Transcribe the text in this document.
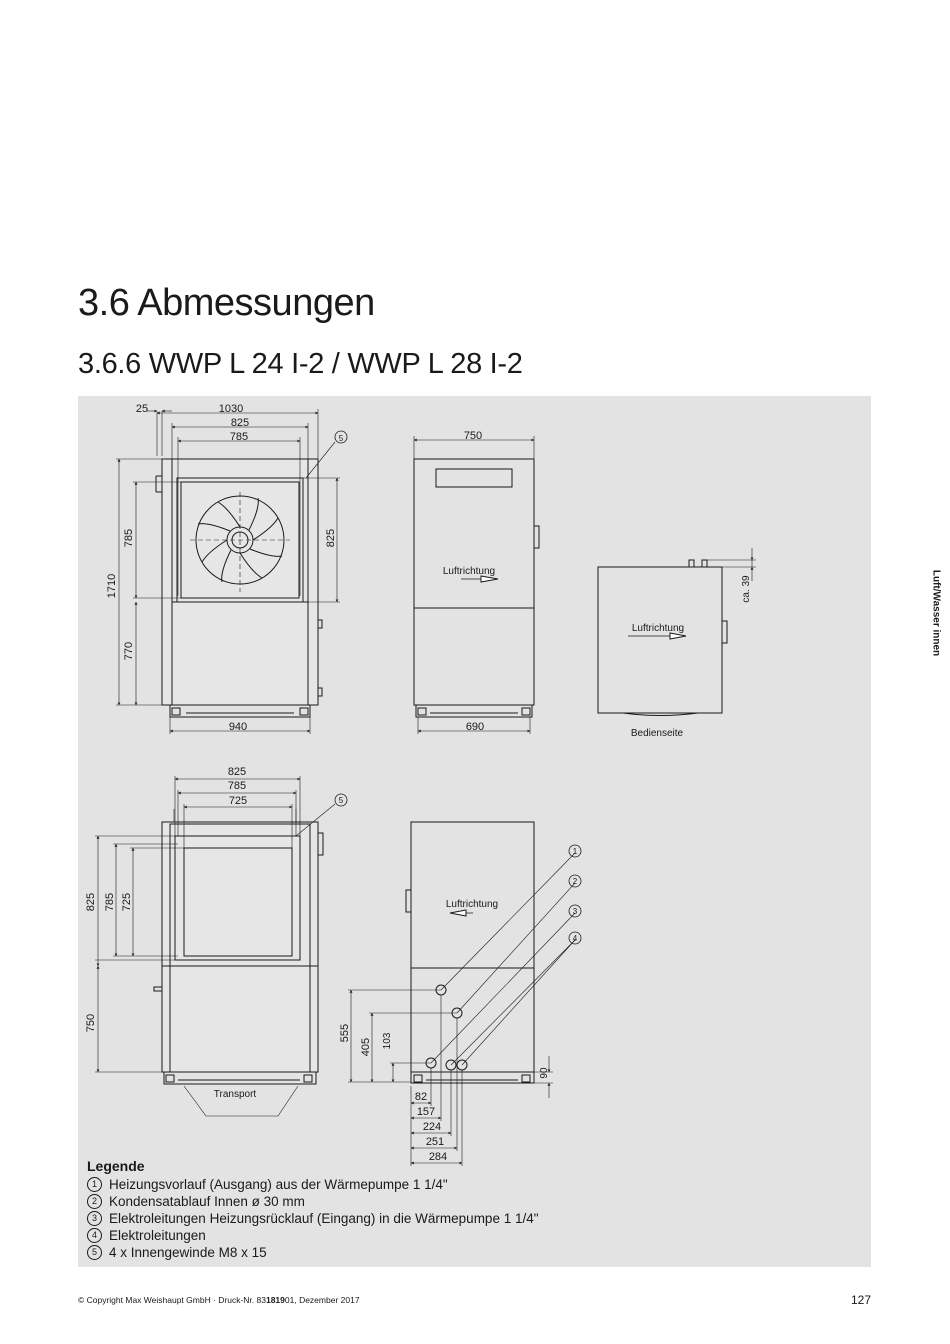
3.6 Abmessungen
3.6.6 WWP L 24 I-2 / WWP L 28 I-2
25	1030
825
785	5
1710
785
770
825
940
750
Luftrichtung
690
ca. 39
Luftrichtung
Bedienseite
825
785
725	5
825 785 725
750
Transport
Luftrichtung
555
405 103
90
82
157
224
251
284
1
2
3
4
Legende
1 Heizungsvorlauf (Ausgang) aus der Wärmepumpe 1 1/4"
2 Kondensatablauf Innen ø 30 mm
3 Elektroleitungen Heizungsrücklauf (Eingang) in die Wärmepumpe 1 1/4"
4 Elektroleitungen
5 4 x Innengewinde M8 x 15
Luft/Wasser innen
© Copyright Max Weishaupt GmbH · Druck-Nr. 83181901, Dezember 2017	127
